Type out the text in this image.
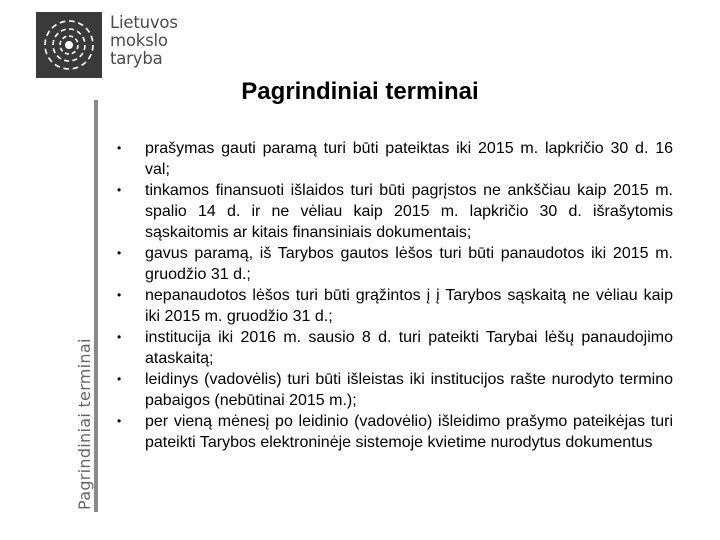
Lietuvos
mokslo
taryba
Pagrindiniai terminai
Pagrindiniai terminai
• prašymas gauti paramą turi būti pateiktas iki 2015 m. lapkričio 30 d. 16 val;
• tinkamos finansuoti išlaidos turi būti pagrįstos ne ankščiau kaip 2015 m. spalio 14 d. ir ne vėliau kaip 2015 m. lapkričio 30 d. išrašytomis sąskaitomis ar kitais finansiniais dokumentais;
• gavus paramą, iš Tarybos gautos lėšos turi būti panaudotos iki 2015 m. gruodžio 31 d.;
• nepanaudotos lėšos turi būti grąžintos į į Tarybos sąskaitą ne vėliau kaip iki 2015 m. gruodžio 31 d.;
• institucija iki 2016 m. sausio 8 d. turi pateikti Tarybai lėšų panaudojimo ataskaitą;
• leidinys (vadovėlis) turi būti išleistas iki institucijos rašte nurodyto termino pabaigos (nebūtinai 2015 m.);
• per vieną mėnesį po leidinio (vadovėlio) išleidimo prašymo pateikėjas turi pateikti Tarybos elektroninėje sistemoje kvietime nurodytus dokumentus
